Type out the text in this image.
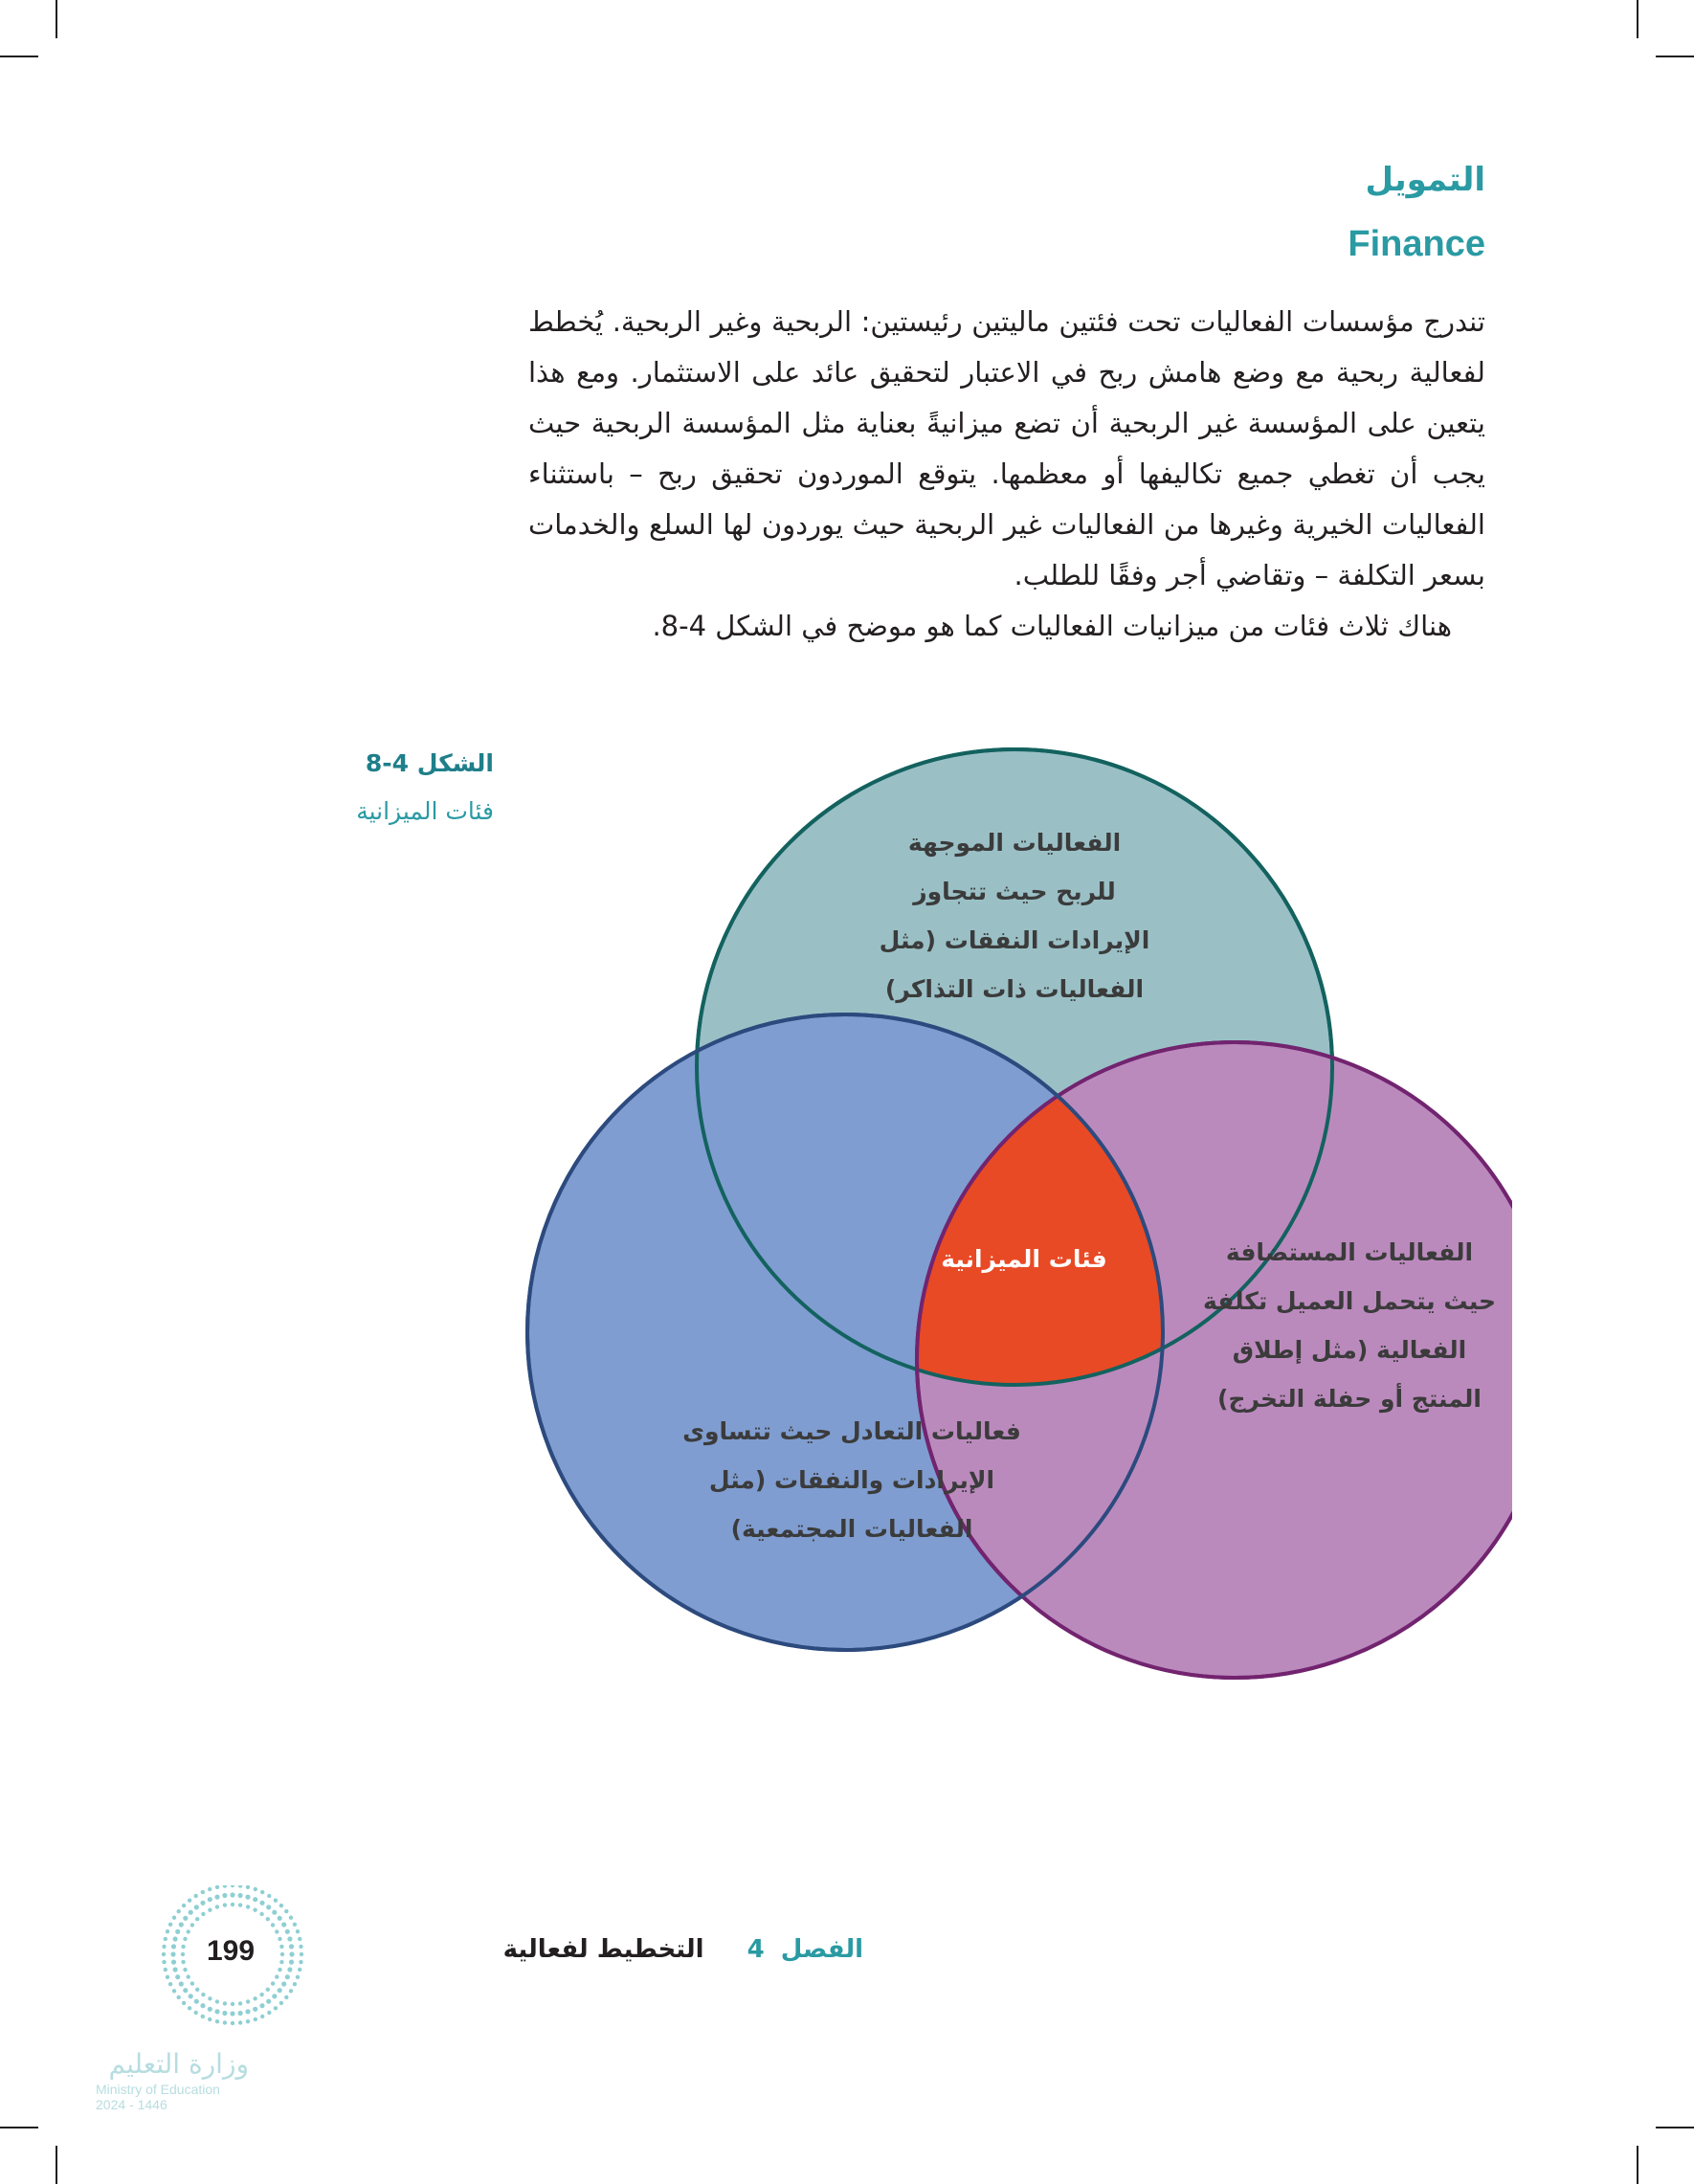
التمويل
Finance

تندرج مؤسسات الفعاليات تحت فئتين ماليتين رئيستين: الربحية وغير الربحية. يُخطط لفعالية ربحية مع وضع هامش ربح في الاعتبار لتحقيق عائد على الاستثمار. ومع هذا يتعين على المؤسسة غير الربحية أن تضع ميزانيةً بعناية مثل المؤسسة الربحية حيث يجب أن تغطي جميع تكاليفها أو معظمها. يتوقع الموردون تحقيق ربح – باستثناء الفعاليات الخيرية وغيرها من الفعاليات غير الربحية حيث يوردون لها السلع والخدمات بسعر التكلفة – وتقاضي أجر وفقًا للطلب.

هناك ثلاث فئات من ميزانيات الفعاليات كما هو موضح في الشكل 4-8.

الشكل 4-8
فئات الميزانية
الفعاليات الموجهة
للربح حيث تتجاوز
الإيرادات النفقات (مثل
الفعاليات ذات التذاكر)
الفعاليات المستضافة
حيث يتحمل العميل تكلفة
الفعالية (مثل إطلاق
المنتج أو حفلة التخرج)
فعاليات التعادل حيث تتساوى
الإيرادات والنفقات (مثل
الفعاليات المجتمعية)
فئات الميزانية
199	الفصل 4 التخطيط لفعالية
وزارة التعليم
Ministry of Education
2024 - 1446
